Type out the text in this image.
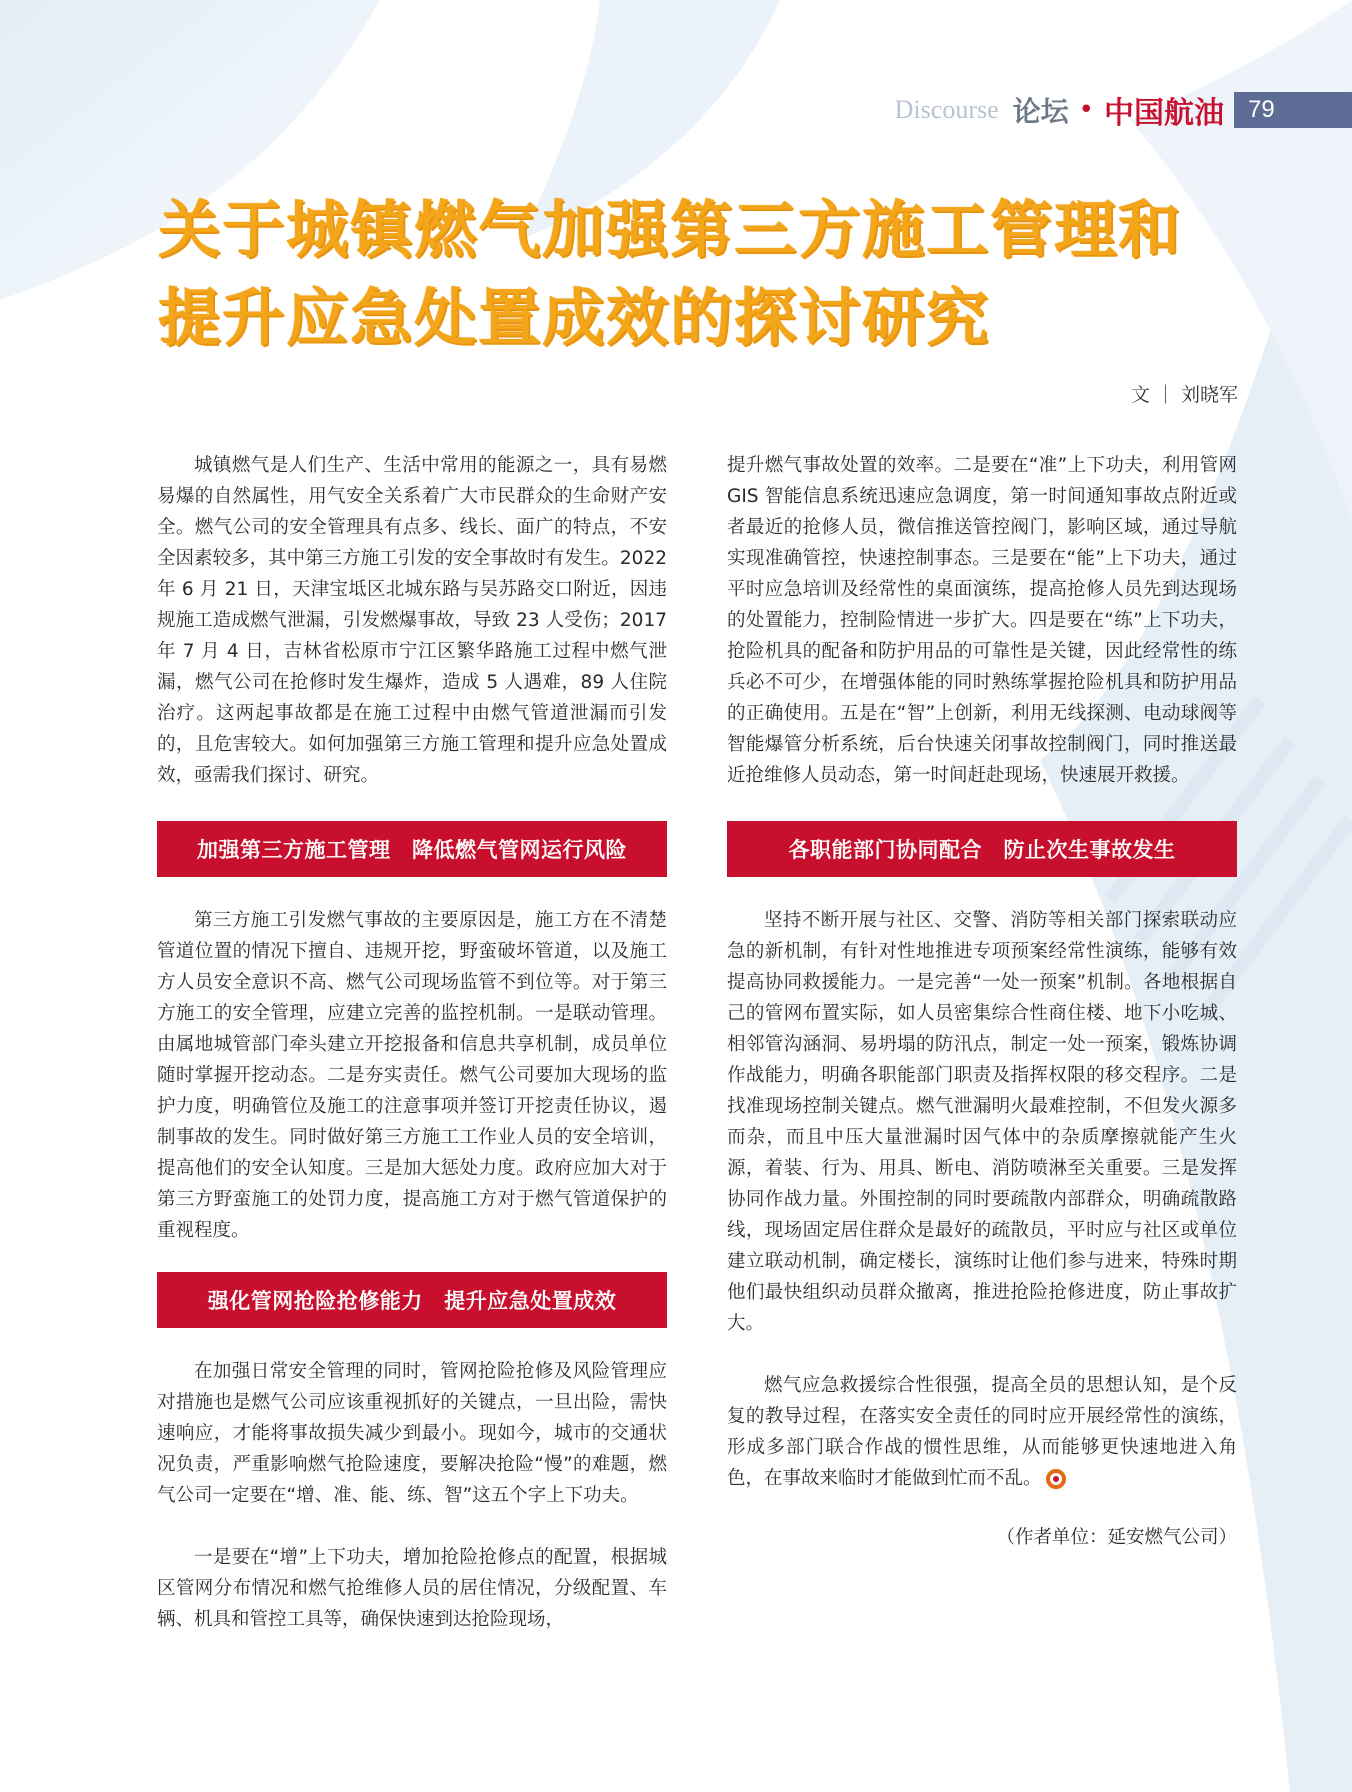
Discourse 论坛 • 中国航油	79
关于城镇燃气加强第三方施工管理和
提升应急处置成效的探讨研究
文 ｜ 刘晓军

城镇燃气是人们生产、生活中常用的能源之一，具有易燃易爆的自然属性，用气安全关系着广大市民群众的生命财产安全。燃气公司的安全管理具有点多、线长、面广的特点，不安全因素较多，其中第三方施工引发的安全事故时有发生。2022 年 6 月 21 日，天津宝坻区北城东路与吴苏路交口附近，因违规施工造成燃气泄漏，引发燃爆事故，导致 23 人受伤；2017 年 7 月 4 日，吉林省松原市宁江区繁华路施工过程中燃气泄漏，燃气公司在抢修时发生爆炸，造成 5 人遇难，89 人住院治疗。这两起事故都是在施工过程中由燃气管道泄漏而引发的，且危害较大。如何加强第三方施工管理和提升应急处置成效，亟需我们探讨、研究。

加强第三方施工管理　降低燃气管网运行风险

第三方施工引发燃气事故的主要原因是，施工方在不清楚管道位置的情况下擅自、违规开挖，野蛮破坏管道，以及施工方人员安全意识不高、燃气公司现场监管不到位等。对于第三方施工的安全管理，应建立完善的监控机制。一是联动管理。由属地城管部门牵头建立开挖报备和信息共享机制，成员单位随时掌握开挖动态。二是夯实责任。燃气公司要加大现场的监护力度，明确管位及施工的注意事项并签订开挖责任协议，遏制事故的发生。同时做好第三方施工工作业人员的安全培训，提高他们的安全认知度。三是加大惩处力度。政府应加大对于第三方野蛮施工的处罚力度，提高施工方对于燃气管道保护的重视程度。

强化管网抢险抢修能力　提升应急处置成效

在加强日常安全管理的同时，管网抢险抢修及风险管理应对措施也是燃气公司应该重视抓好的关键点，一旦出险，需快速响应，才能将事故损失减少到最小。现如今，城市的交通状况负责，严重影响燃气抢险速度，要解决抢险“慢”的难题，燃气公司一定要在“增、准、能、练、智”这五个字上下功夫。

一是要在“增”上下功夫，增加抢险抢修点的配置，根据城区管网分布情况和燃气抢维修人员的居住情况，分级配置、车辆、机具和管控工具等，确保快速到达抢险现场，

提升燃气事故处置的效率。二是要在“准”上下功夫，利用管网 GIS 智能信息系统迅速应急调度，第一时间通知事故点附近或者最近的抢修人员，微信推送管控阀门，影响区域，通过导航实现准确管控，快速控制事态。三是要在“能”上下功夫，通过平时应急培训及经常性的桌面演练，提高抢修人员先到达现场的处置能力，控制险情进一步扩大。四是要在“练”上下功夫，抢险机具的配备和防护用品的可靠性是关键，因此经常性的练兵必不可少，在增强体能的同时熟练掌握抢险机具和防护用品的正确使用。五是在“智”上创新，利用无线探测、电动球阀等智能爆管分析系统，后台快速关闭事故控制阀门，同时推送最近抢维修人员动态，第一时间赶赴现场，快速展开救援。

各职能部门协同配合　防止次生事故发生

坚持不断开展与社区、交警、消防等相关部门探索联动应急的新机制，有针对性地推进专项预案经常性演练，能够有效提高协同救援能力。一是完善“一处一预案”机制。各地根据自己的管网布置实际，如人员密集综合性商住楼、地下小吃城、相邻管沟涵洞、易坍塌的防汛点，制定一处一预案，锻炼协调作战能力，明确各职能部门职责及指挥权限的移交程序。二是找准现场控制关键点。燃气泄漏明火最难控制，不但发火源多而杂，而且中压大量泄漏时因气体中的杂质摩擦就能产生火源，着装、行为、用具、断电、消防喷淋至关重要。三是发挥协同作战力量。外围控制的同时要疏散内部群众，明确疏散路线，现场固定居住群众是最好的疏散员，平时应与社区或单位建立联动机制，确定楼长，演练时让他们参与进来，特殊时期他们最快组织动员群众撤离，推进抢险抢修进度，防止事故扩大。

燃气应急救援综合性很强，提高全员的思想认知，是个反复的教导过程，在落实安全责任的同时应开展经常性的演练，形成多部门联合作战的惯性思维，从而能够更快速地进入角色，在事故来临时才能做到忙而不乱。

（作者单位：延安燃气公司）
